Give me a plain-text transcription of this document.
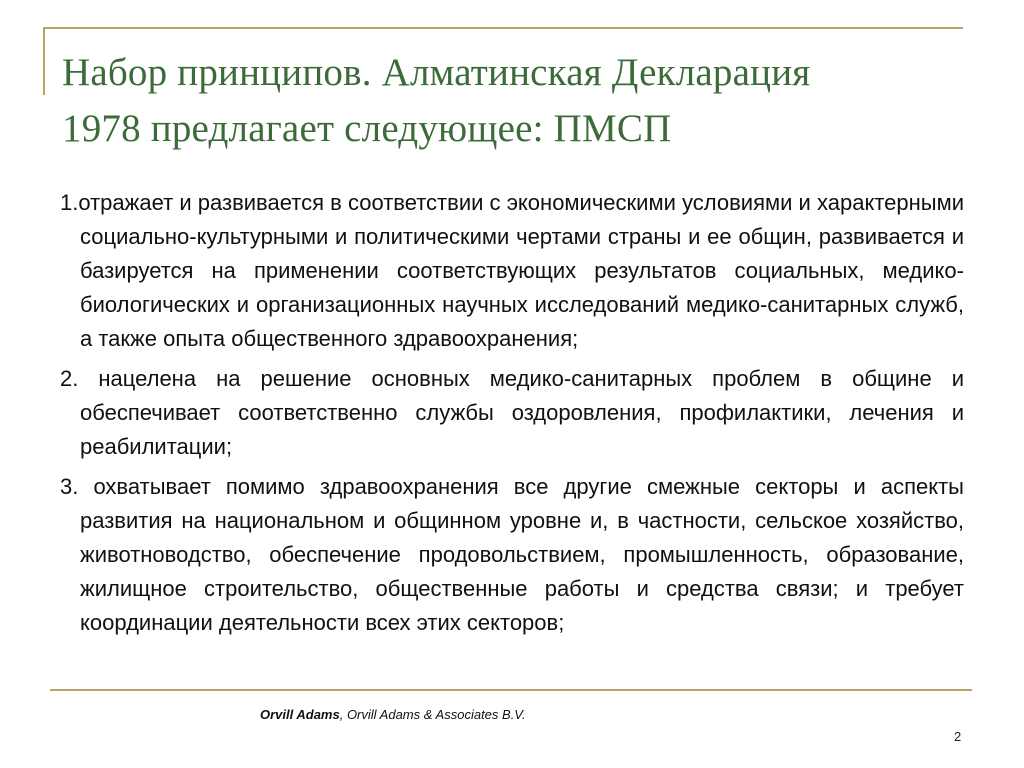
Набор принципов. Алматинская Декларация
1978 предлагает следующее: ПМСП
1.отражает и развивается в соответствии с экономическими условиями и характерными социально-культурными и политическими чертами страны и ее общин, развивается и базируется на применении соответствующих результатов социальных, медико-биологических и организационных научных исследований медико-санитарных служб, а также опыта общественного здравоохранения;
2. нацелена на решение основных медико-санитарных проблем в общине и обеспечивает соответственно службы оздоровления, профилактики, лечения и реабилитации;
3. охватывает помимо здравоохранения все другие смежные секторы и аспекты развития на национальном и общинном уровне и, в частности, сельское хозяйство, животноводство, обеспечение продовольствием, промышленность, образование, жилищное строительство, общественные работы и средства связи; и требует координации деятельности всех этих секторов;
Orvill Adams, Orvill Adams & Associates B.V.
2
